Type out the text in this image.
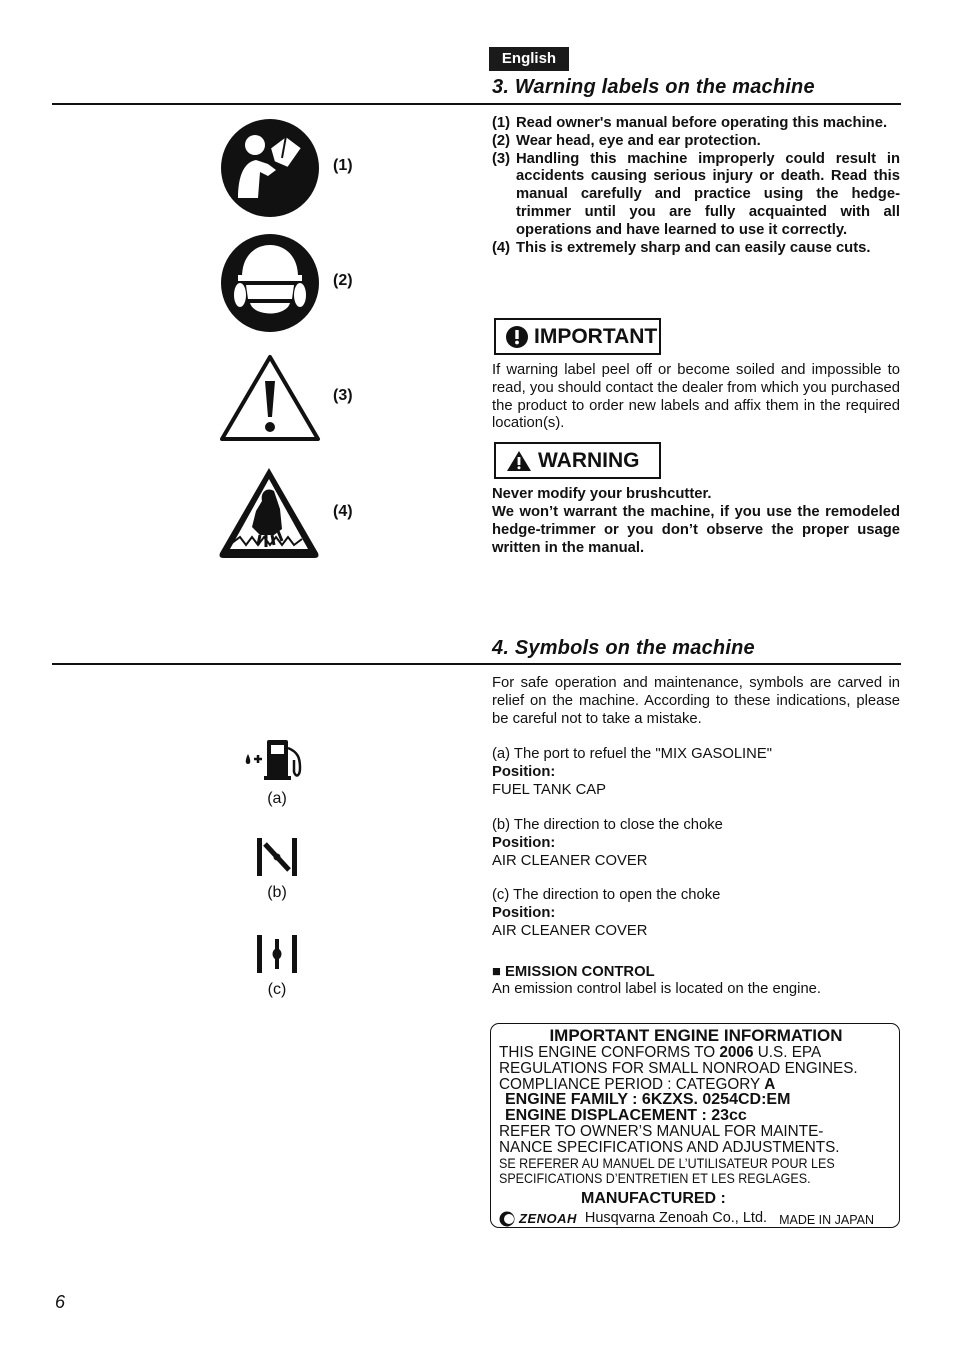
English
3. Warning labels on the machine
(1)
(2)
(3)
(4)
(1) Read owner's manual before operating this machine.
(2) Wear head, eye and ear protection.
(3) Handling this machine improperly could result in accidents causing serious injury or death. Read this manual carefully and practice using the hedge-trimmer until you are fully acquainted with all operations and have learned to use it correctly.
(4) This is extremely sharp and can easily cause cuts.
IMPORTANT
If warning label peel off or become soiled and impossible to read, you should contact the dealer from which you purchased the product to order new labels and affix them in the required location(s).
WARNING
Never modify your brushcutter.
We won’t warrant the machine, if you use the remodeled hedge-trimmer or you don’t observe the proper usage written in the manual.
4. Symbols on the machine
For safe operation and maintenance, symbols are carved in relief on the machine. According to these indications, please be careful not to take a mistake.
(a)
(b)
(c)
(a) The port to refuel the "MIX GASOLINE"
Position:
FUEL TANK CAP
(b) The direction to close the choke
Position:
AIR CLEANER COVER
(c) The direction to open the choke
Position:
AIR CLEANER COVER
■ EMISSION CONTROL
An emission control label is located on the engine.
IMPORTANT ENGINE INFORMATION
THIS ENGINE CONFORMS TO 2006 U.S. EPA
REGULATIONS FOR SMALL NONROAD ENGINES.
COMPLIANCE PERIOD : CATEGORY A
ENGINE FAMILY : 6KZXS. 0254CD:EM
ENGINE DISPLACEMENT : 23cc
REFER TO OWNER’S MANUAL FOR MAINTE-
NANCE SPECIFICATIONS AND ADJUSTMENTS.
SE REFERER AU MANUEL DE L’UTILISATEUR POUR LES
SPECIFICATIONS D’ENTRETIEN ET LES REGLAGES.
MANUFACTURED :
ZENOAH Husqvarna Zenoah Co., Ltd. MADE IN JAPAN
6
